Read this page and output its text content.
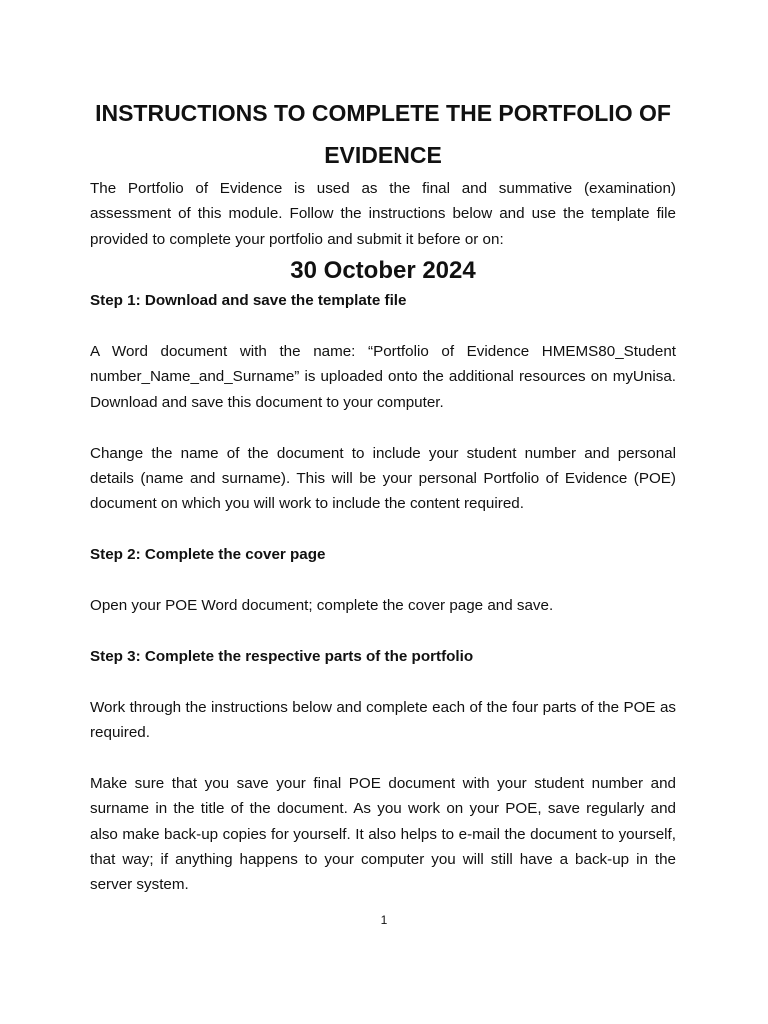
INSTRUCTIONS TO COMPLETE THE PORTFOLIO OF EVIDENCE

The Portfolio of Evidence is used as the final and summative (examination) assessment of this module. Follow the instructions below and use the template file provided to complete your portfolio and submit it before or on:

30 October 2024

Step 1: Download and save the template file

A Word document with the name: “Portfolio of Evidence HMEMS80_Student number_Name_and_Surname” is uploaded onto the additional resources on myUnisa. Download and save this document to your computer.

Change the name of the document to include your student number and personal details (name and surname). This will be your personal Portfolio of Evidence (POE) document on which you will work to include the content required.

Step 2: Complete the cover page

Open your POE Word document; complete the cover page and save.

Step 3: Complete the respective parts of the portfolio

Work through the instructions below and complete each of the four parts of the POE as required.

Make sure that you save your final POE document with your student number and surname in the title of the document. As you work on your POE, save regularly and also make back-up copies for yourself. It also helps to e-mail the document to yourself, that way; if anything happens to your computer you will still have a back-up in the server system.

1
